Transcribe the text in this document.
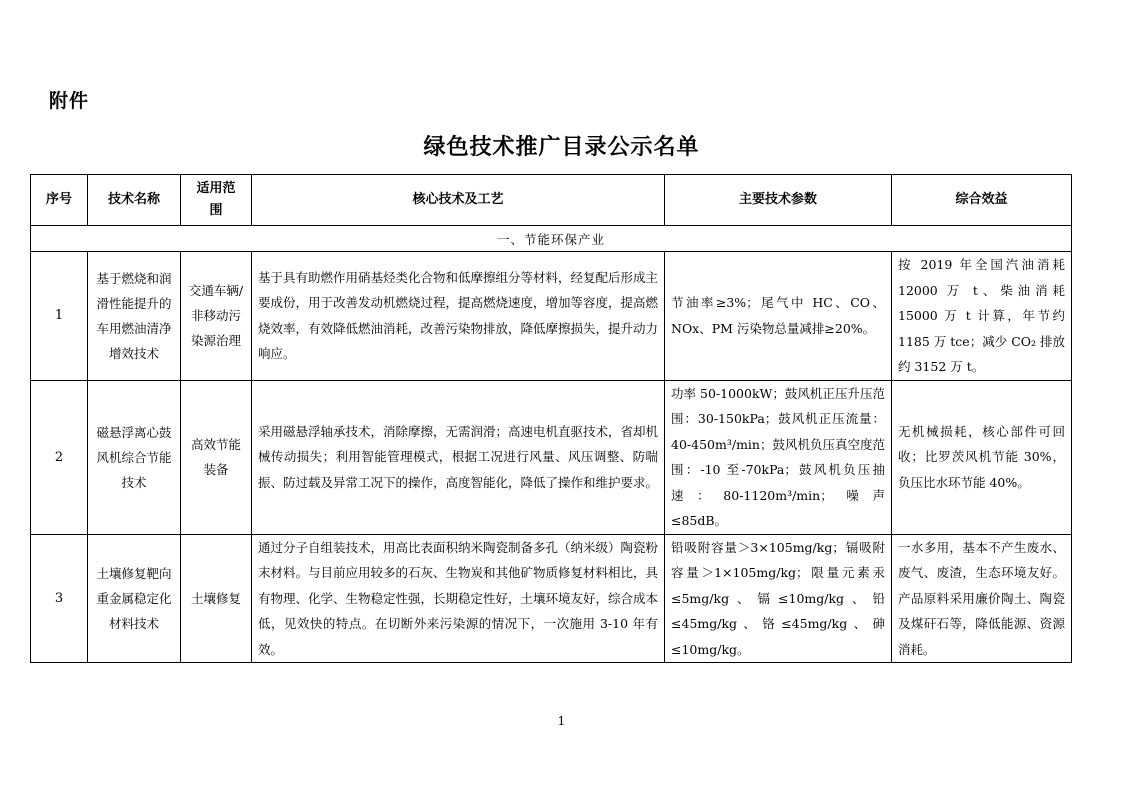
附件
绿色技术推广目录公示名单
序号	技术名称	适用范围	核心技术及工艺	主要技术参数	综合效益
一、节能环保产业					
1	基于燃烧和润滑性能提升的车用燃油清净增效技术	交通车辆/非移动污染源治理	基于具有助燃作用硝基烃类化合物和低摩擦组分等材料，经复配后形成主要成份，用于改善发动机燃烧过程，提高燃烧速度，增加等容度，提高燃烧效率，有效降低燃油消耗，改善污染物排放，降低摩擦损失，提升动力响应。	节油率≥3%；尾气中 HC、CO、NOx、PM 污染物总量减排≥20%。	按 2019 年全国汽油消耗 12000 万 t、柴油消耗 15000 万 t 计算，年节约 1185 万 tce；减少 CO₂ 排放约 3152 万 t。
2	磁悬浮离心鼓风机综合节能技术	高效节能装备	采用磁悬浮轴承技术，消除摩擦，无需润滑；高速电机直驱技术，省却机械传动损失；利用智能管理模式，根据工况进行风量、风压调整、防喘振、防过载及异常工况下的操作，高度智能化，降低了操作和维护要求。	功率 50-1000kW；鼓风机正压升压范围：30-150kPa；鼓风机正压流量：40-450m³/min；鼓风机负压真空度范围：-10 至-70kPa；鼓风机负压抽速：80-1120m³/min；噪声≤85dB。	无机械损耗，核心部件可回收；比罗茨风机节能 30%，负压比水环节能 40%。
3	土壤修复靶向重金属稳定化材料技术	土壤修复	通过分子自组装技术，用高比表面积纳米陶瓷制备多孔（纳米级）陶瓷粉末材料。与目前应用较多的石灰、生物炭和其他矿物质修复材料相比，具有物理、化学、生物稳定性强，长期稳定性好，土壤环境友好，综合成本低，见效快的特点。在切断外来污染源的情况下，一次施用 3-10 年有效。	铅吸附容量＞3×105mg/kg；镉吸附容量＞1×105mg/kg；限量元素汞≤5mg/kg、镉≤10mg/kg、铅≤45mg/kg、铬≤45mg/kg、砷≤10mg/kg。	一水多用，基本不产生废水、废气、废渣，生态环境友好。产品原料采用廉价陶土、陶瓷及煤矸石等，降低能源、资源消耗。
1
